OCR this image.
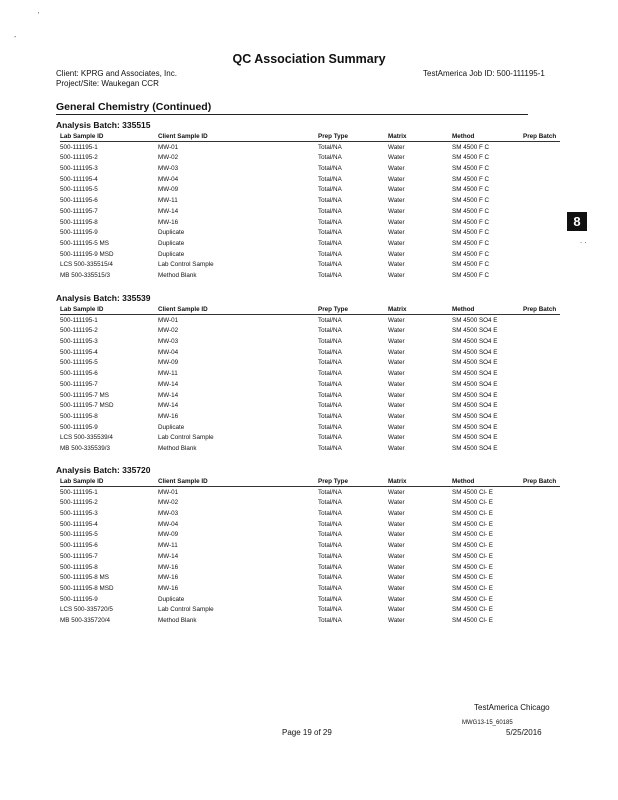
QC Association Summary
Client: KPRG and Associates, Inc.
Project/Site: Waukegan CCR
TestAmerica Job ID: 500-111195-1
General Chemistry (Continued)
8
. .
'
-
Analysis Batch: 335515
Lab Sample ID	Client Sample ID	Prep Type	Matrix	Method	Prep Batch
500-111195-1	MW-01	Total/NA	Water	SM 4500 F C
500-111195-2	MW-02	Total/NA	Water	SM 4500 F C
500-111195-3	MW-03	Total/NA	Water	SM 4500 F C
500-111195-4	MW-04	Total/NA	Water	SM 4500 F C
500-111195-5	MW-09	Total/NA	Water	SM 4500 F C
500-111195-6	MW-11	Total/NA	Water	SM 4500 F C
500-111195-7	MW-14	Total/NA	Water	SM 4500 F C
500-111195-8	MW-16	Total/NA	Water	SM 4500 F C
500-111195-9	Duplicate	Total/NA	Water	SM 4500 F C
500-111195-5 MS	Duplicate	Total/NA	Water	SM 4500 F C
500-111195-9 MSD	Duplicate	Total/NA	Water	SM 4500 F C
LCS 500-335515/4	Lab Control Sample	Total/NA	Water	SM 4500 F C
MB 500-335515/3	Method Blank	Total/NA	Water	SM 4500 F C
Analysis Batch: 335539
Lab Sample ID	Client Sample ID	Prep Type	Matrix	Method	Prep Batch
500-111195-1	MW-01	Total/NA	Water	SM 4500 SO4 E
500-111195-2	MW-02	Total/NA	Water	SM 4500 SO4 E
500-111195-3	MW-03	Total/NA	Water	SM 4500 SO4 E
500-111195-4	MW-04	Total/NA	Water	SM 4500 SO4 E
500-111195-5	MW-09	Total/NA	Water	SM 4500 SO4 E
500-111195-6	MW-11	Total/NA	Water	SM 4500 SO4 E
500-111195-7	MW-14	Total/NA	Water	SM 4500 SO4 E
500-111195-7 MS	MW-14	Total/NA	Water	SM 4500 SO4 E
500-111195-7 MSD	MW-14	Total/NA	Water	SM 4500 SO4 E
500-111195-8	MW-16	Total/NA	Water	SM 4500 SO4 E
500-111195-9	Duplicate	Total/NA	Water	SM 4500 SO4 E
LCS 500-335539/4	Lab Control Sample	Total/NA	Water	SM 4500 SO4 E
MB 500-335539/3	Method Blank	Total/NA	Water	SM 4500 SO4 E
Analysis Batch: 335720
Lab Sample ID	Client Sample ID	Prep Type	Matrix	Method	Prep Batch
500-111195-1	MW-01	Total/NA	Water	SM 4500 Cl- E
500-111195-2	MW-02	Total/NA	Water	SM 4500 Cl- E
500-111195-3	MW-03	Total/NA	Water	SM 4500 Cl- E
500-111195-4	MW-04	Total/NA	Water	SM 4500 Cl- E
500-111195-5	MW-09	Total/NA	Water	SM 4500 Cl- E
500-111195-6	MW-11	Total/NA	Water	SM 4500 Cl- E
500-111195-7	MW-14	Total/NA	Water	SM 4500 Cl- E
500-111195-8	MW-16	Total/NA	Water	SM 4500 Cl- E
500-111195-8 MS	MW-16	Total/NA	Water	SM 4500 Cl- E
500-111195-8 MSD	MW-16	Total/NA	Water	SM 4500 Cl- E
500-111195-9	Duplicate	Total/NA	Water	SM 4500 Cl- E
LCS 500-335720/5	Lab Control Sample	Total/NA	Water	SM 4500 Cl- E
MB 500-335720/4	Method Blank	Total/NA	Water	SM 4500 Cl- E
TestAmerica Chicago
MWG13-15_60185
Page 19 of 29	5/25/2016
